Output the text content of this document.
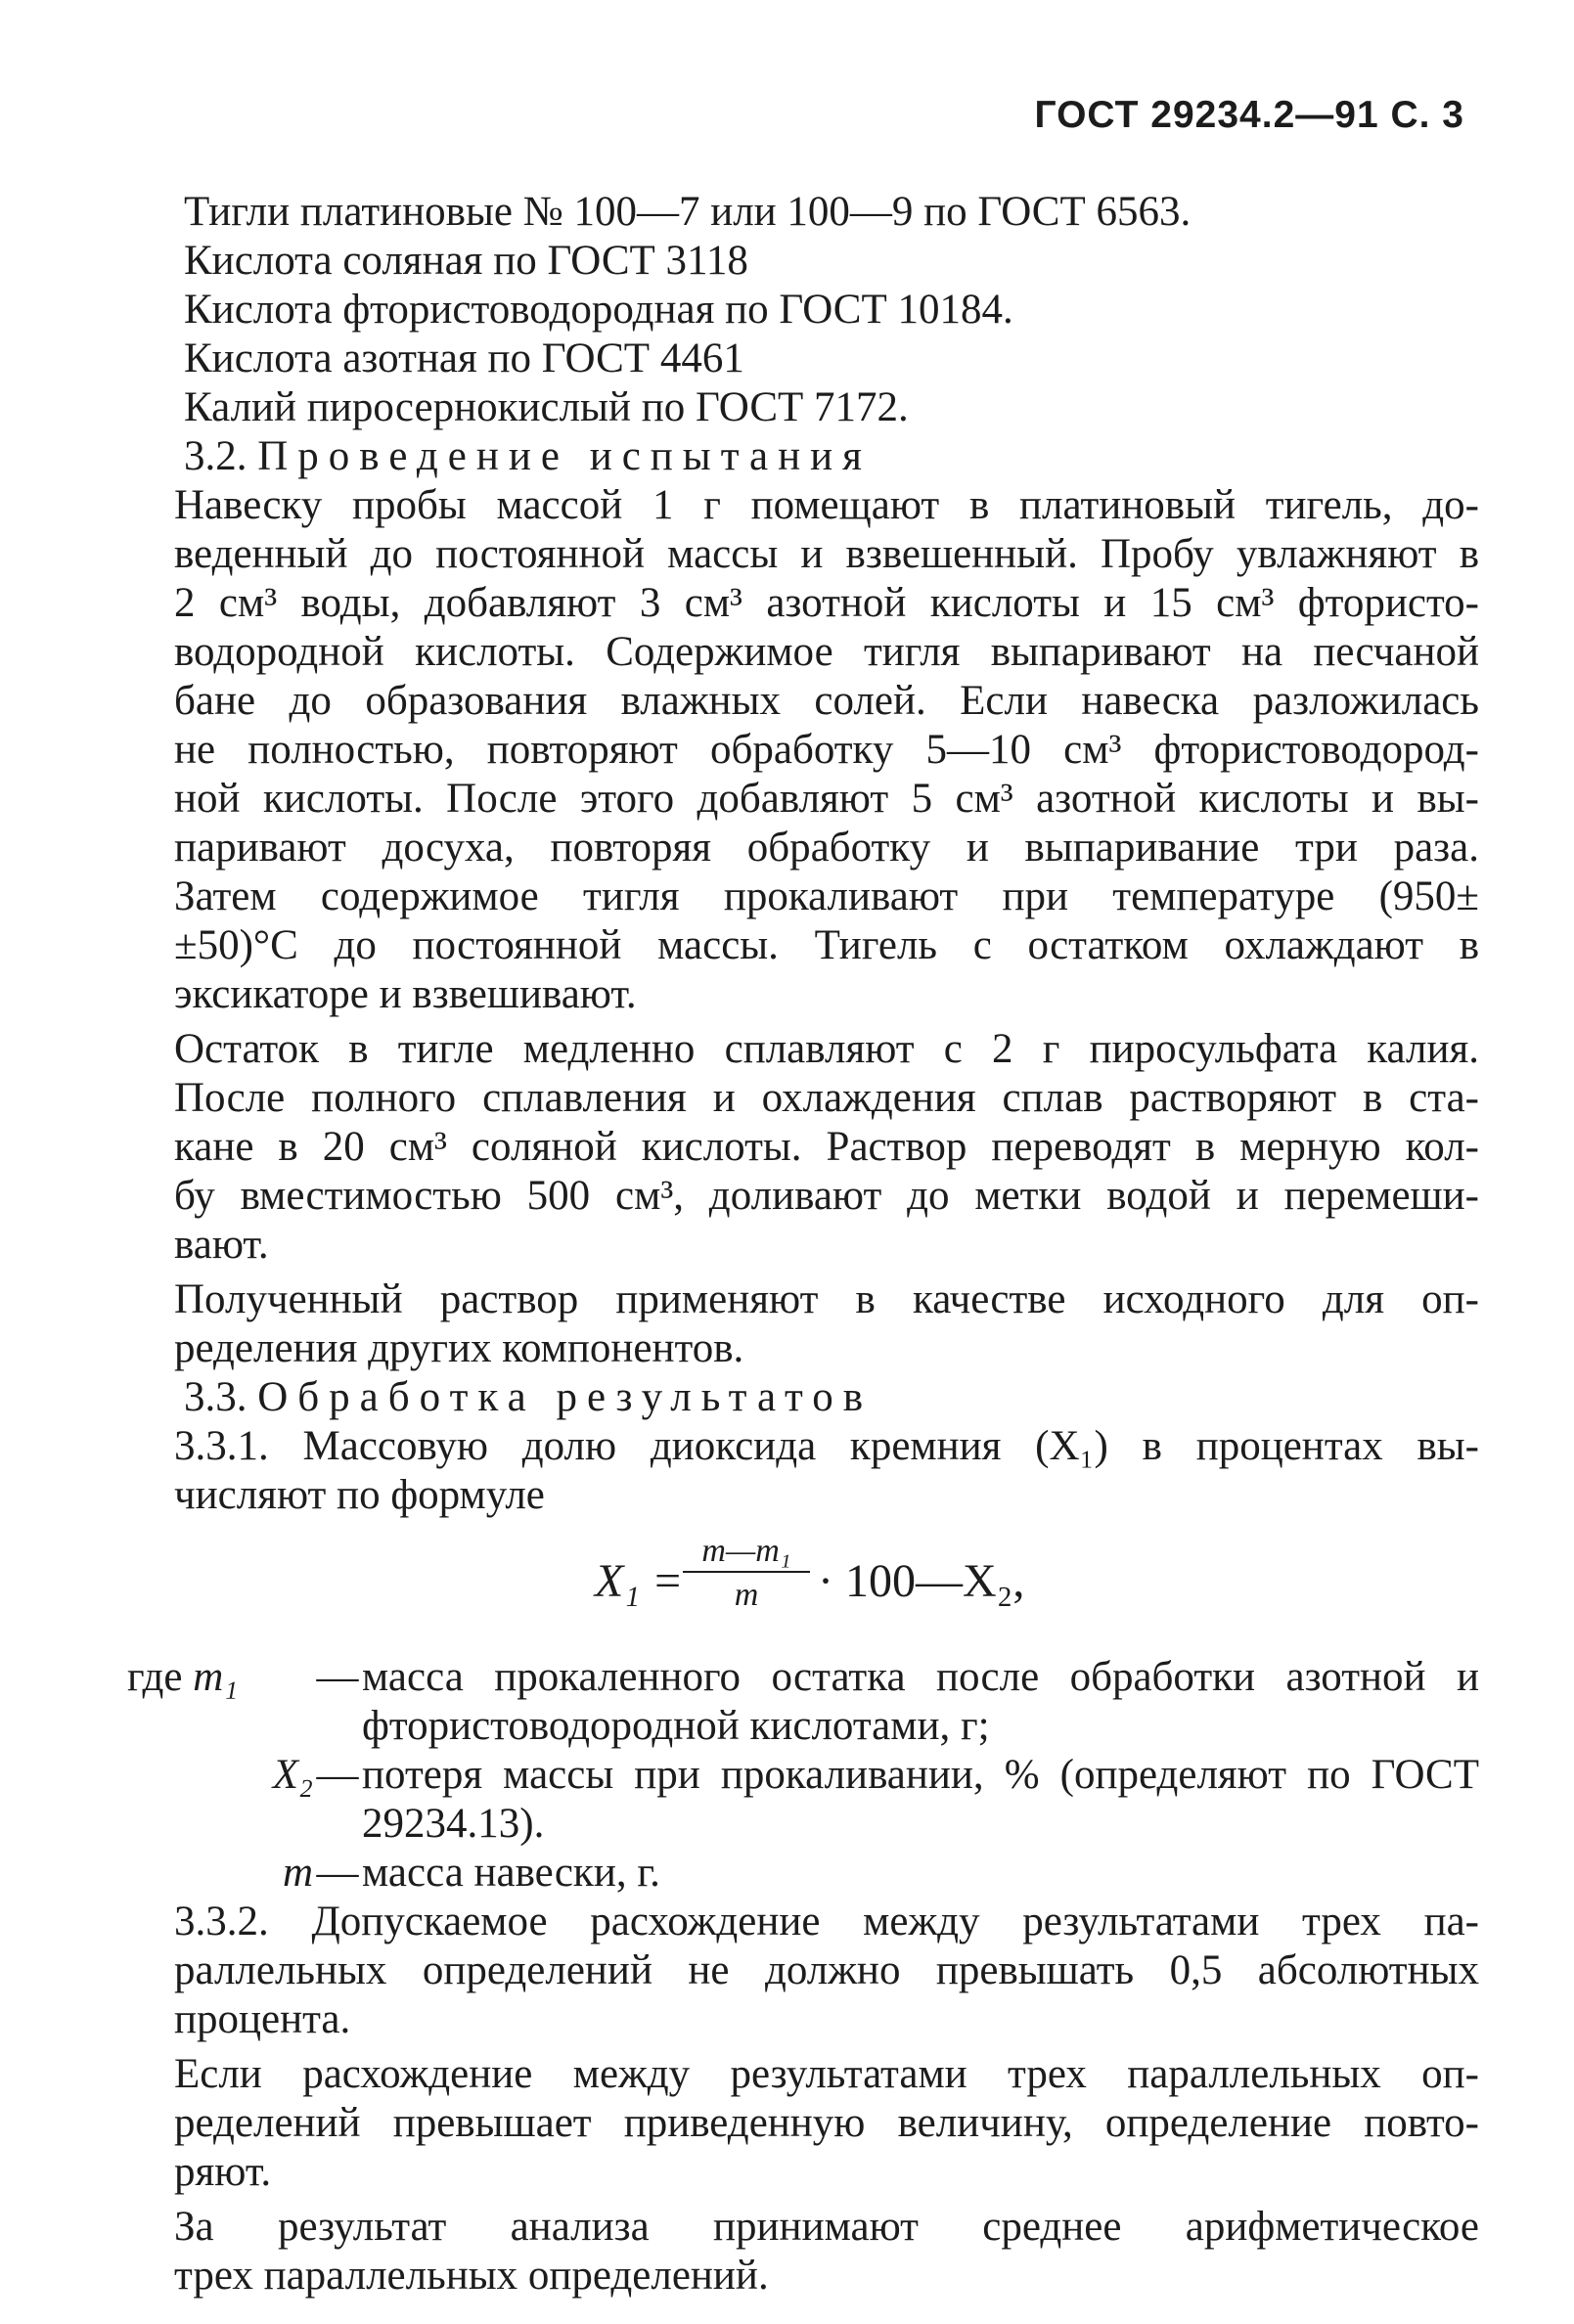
ГОСТ 29234.2—91 С. 3
Тигли платиновые № 100—7 или 100—9 по ГОСТ 6563.
Кислота соляная по ГОСТ 3118
Кислота фтористоводородная по ГОСТ 10184.
Кислота азотная по ГОСТ 4461
Калий пиросернокислый по ГОСТ 7172.
3.2. Проведение испытания
Навеску пробы массой 1 г помещают в платиновый тигель, до-
веденный до постоянной массы и взвешенный. Пробу увлажняют в
2 см³ воды, добавляют 3 см³ азотной кислоты и 15 см³ фтористо-
водородной кислоты. Содержимое тигля выпаривают на песчаной
бане до образования влажных солей. Если навеска разложилась
не полностью, повторяют обработку 5—10 см³ фтористоводород-
ной кислоты. После этого добавляют 5 см³ азотной кислоты и вы-
паривают досуха, повторяя обработку и выпаривание три раза.
Затем содержимое тигля прокаливают при температуре (950±
±50)°С до постоянной массы. Тигель с остатком охлаждают в
эксикаторе и взвешивают.
Остаток в тигле медленно сплавляют с 2 г пиросульфата калия.
После полного сплавления и охлаждения сплав растворяют в ста-
кане в 20 см³ соляной кислоты. Раствор переводят в мерную кол-
бу вместимостью 500 см³, доливают до метки водой и перемеши-
вают.
Полученный раствор применяют в качестве исходного для оп-
ределения других компонентов.
3.3. Обработка результатов
3.3.1. Массовую долю диоксида кремния (X₁) в процентах вы-
числяют по формуле
$X_1 = \frac{\text{m—m₁}}{m}$ · 100—X₂,
где m₁	— масса прокаленного остатка после обработки азотной и фтористоводородной кислотами, г;
X₂ — потеря массы при прокаливании, % (определяют по ГОСТ 29234.13).
m — масса навески, г.
3.3.2. Допускаемое расхождение между результатами трех па-
раллельных определений не должно превышать 0,5 абсолютных
процента.
Если расхождение между результатами трех параллельных оп-
ределений превышает приведенную величину, определение повто-
ряют.
За результат анализа принимают среднее арифметическое
трех параллельных определений.
